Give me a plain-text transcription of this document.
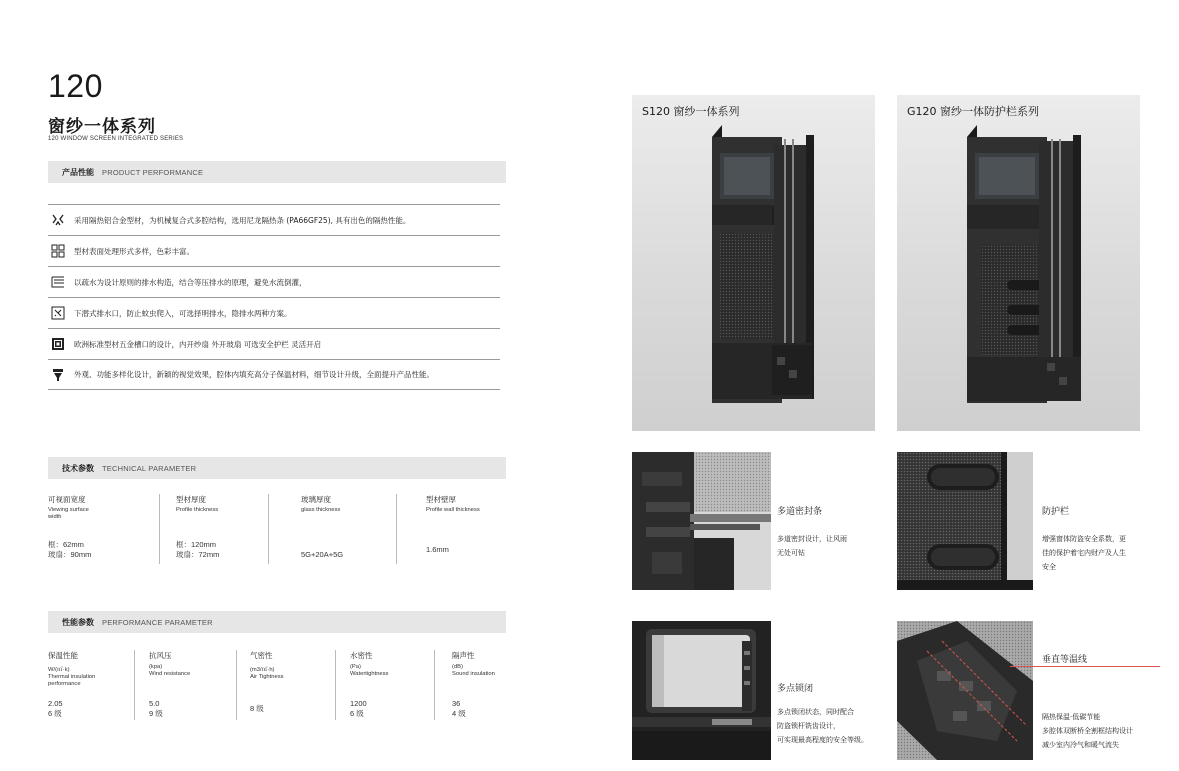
120
窗纱一体系列
120 WINDOW SCREEN INTEGRATED SERIES
产品性能 PRODUCT PERFORMANCE
采用隔热铝合金型材，为机械复合式多腔结构，选用尼龙隔热条 (PA66GF25), 具有出色的隔热性能。
型材表面处理形式多样，色彩丰富。
以疏水为设计原则的排水构造，结合等压排水的原理，避免水流倒灌，
下潜式排水口，防止蚊虫爬入，可选择明排水，隐排水两种方案。
欧洲标准型材五金槽口的设计，内开纱扇 外开玻扇 可选安全护栏 灵活开启
外观、功能多样化设计，新颖的视觉效果，腔体内填充高分子保温材料，细节设计升级，全面提升产品性能。
技术参数 TECHNICAL PARAMETER
可视面宽度
Viewing surface
width
框：62mm
玻扇：90mm
型材厚度
Profile thickness
框：120mm
玻扇：72mm
玻璃厚度
glass thickness
5G+20A+5G
型材壁厚
Profile wall thickness
1.6mm
性能参数 PERFORMANCE PARAMETER
保温性能
W/(㎡·k)
Thermal insulation
performance
2.05
6 级
抗风压
(kpa)
Wind resistance
5.0
9 级
气密性
(m3/㎡·h)
Air Tightness
8 级
水密性
(Pa)
Watertightness
1200
6 级
隔声性
(dB)
Sound insulation
36
4 级
S120 窗纱一体系列	G120 窗纱一体防护栏系列
多道密封条
多道密封设计，让风雨
无处可钻
防护栏
增强窗体防盗安全系数，更
佳的保护着宅内财产及人生
安全
多点锁闭
多点锁闭状态，同时配合
防盗锁杆铣齿设计，
可实现最高程度的安全等级。
垂直等温线
隔热保温·低碳节能
多腔体双断桥全割框结构设计
减少室内冷气和暖气流失
